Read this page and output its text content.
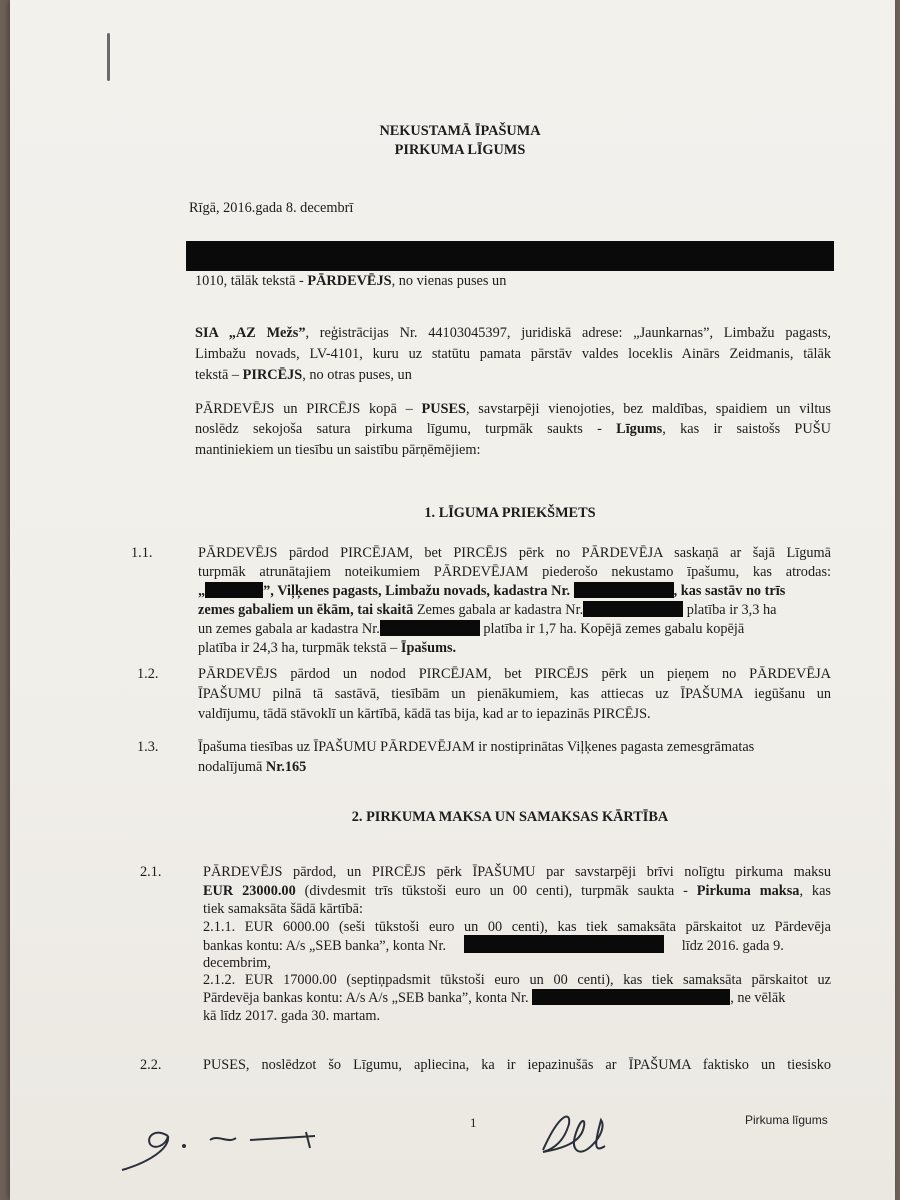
NEKUSTAMĀ ĪPAŠUMA
PIRKUMA LĪGUMS
Rīgā, 2016.gada 8. decembrī
1010, tālāk tekstā - PĀRDEVĒJS, no vienas puses un
SIA „AZ Mežs”, reģistrācijas Nr. 44103045397, juridiskā adrese: „Jaunkarnas”, Limbažu pagasts,
Limbažu novads, LV-4101, kuru uz statūtu pamata pārstāv valdes loceklis Ainārs Zeidmanis, tālāk
tekstā – PIRCĒJS, no otras puses, un
PĀRDEVĒJS un PIRCĒJS kopā – PUSES, savstarpēji vienojoties, bez maldības, spaidiem un viltus
noslēdz sekojoša satura pirkuma līgumu, turpmāk saukts - Līgums, kas ir saistošs PUŠU
mantiniekiem un tiesību un saistību pārņēmējiem:
1. LĪGUMA PRIEKŠMETS
1.1.	PĀRDEVĒJS pārdod PIRCĒJAM, bet PIRCĒJS pērk no PĀRDEVĒJA saskaņā ar šajā Līgumā
turpmāk atrunātajiem noteikumiem PĀRDEVĒJAM piederošo nekustamo īpašumu, kas atrodas:
„	”, Viļķenes pagasts, Limbažu novads, kadastra Nr.	, kas sastāv no trīs
zemes gabaliem un ēkām, tai skaitā Zemes gabala ar kadastra Nr.	platība ir 3,3 ha
un zemes gabala ar kadastra Nr.	platība ir 1,7 ha. Kopējā zemes gabalu kopējā
platība ir 24,3 ha, turpmāk tekstā – Īpašums.
1.2.	PĀRDEVĒJS pārdod un nodod PIRCĒJAM, bet PIRCĒJS pērk un pieņem no PĀRDEVĒJA
ĪPAŠUMU pilnā tā sastāvā, tiesībām un pienākumiem, kas attiecas uz ĪPAŠUMA iegūšanu un
valdījumu, tādā stāvoklī un kārtībā, kādā tas bija, kad ar to iepazinās PIRCĒJS.
1.3.	Īpašuma tiesības uz ĪPAŠUMU PĀRDEVĒJAM ir nostiprinātas Viļķenes pagasta zemesgrāmatas
nodalījumā Nr.165
2. PIRKUMA MAKSA UN SAMAKSAS KĀRTĪBA
2.1.	PĀRDEVĒJS pārdod, un PIRCĒJS pērk ĪPAŠUMU par savstarpēji brīvi nolīgtu pirkuma maksu
EUR 23000.00 (divdesmit trīs tūkstoši euro un 00 centi), turpmāk saukta - Pirkuma maksa, kas
tiek samaksāta šādā kārtībā:
2.1.1. EUR 6000.00 (seši tūkstoši euro un 00 centi), kas tiek samaksāta pārskaitot uz Pārdevēja
bankas kontu: A/s „SEB banka”, konta Nr.	līdz 2016. gada 9.
decembrim,
2.1.2. EUR 17000.00 (septiņpadsmit tūkstoši euro un 00 centi), kas tiek samaksāta pārskaitot uz
Pārdevēja bankas kontu: A/s A/s „SEB banka”, konta Nr.	, ne vēlāk
kā līdz 2017. gada 30. martam.
2.2.	PUSES, noslēdzot šo Līgumu, apliecina, ka ir iepazinušās ar ĪPAŠUMA faktisko un tiesisko
1	Pirkuma līgums
